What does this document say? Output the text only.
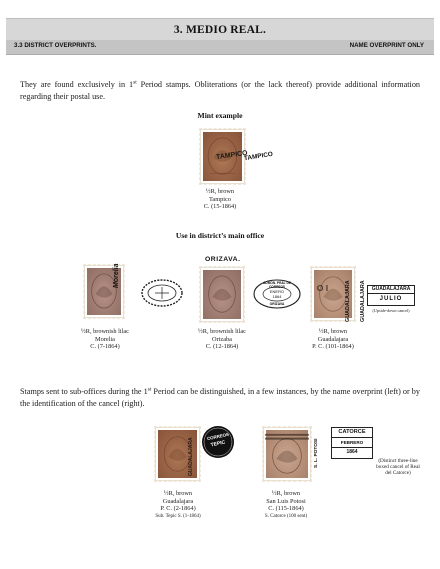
3. MEDIO REAL.
3.3 DISTRICT OVERPRINTS.	NAME OVERPRINT ONLY
They are found exclusively in 1st Period stamps. Obliterations (or the lack thereof) provide additional information regarding their postal use.
Mint example
TAMPICO
TAMPICO
½R, brown
Tampico
C. (15-1864)
Use in district’s main office
Morelia
½R, brownish lilac
Morelia
C. (7-1864)
ORIZAVA.
ADMON. PRAL DE CORREOS
ENERO
1864
ORIZAVA
½R, brownish lilac
Orizaba
C. (12-1864)
O I	GUADALAJARA GUADALAJARA	GUADALAJARA
JULIO
(Upside-down cancel)
½R, brown
Guadalajara
P. C. (101-1864)
Stamps sent to sub-offices during the 1st Period can be distinguished, in a few instances, by the name overprint (left) or by the identification of the cancel (right).
GUADALAJARA
CORREOS
TEPIC
½R, brown
Guadalajara
P. C. (2-1864)
Sub. Tepic S. (1-1864)
S. L. POTOSI
CATORCE
FEBRERO
1864
(Distinct three-line
boxed cancel of Real
del Catorce)
½R, brown
San Luis Potosi
C. (115-1864)
S. Catorce (100 sent)
